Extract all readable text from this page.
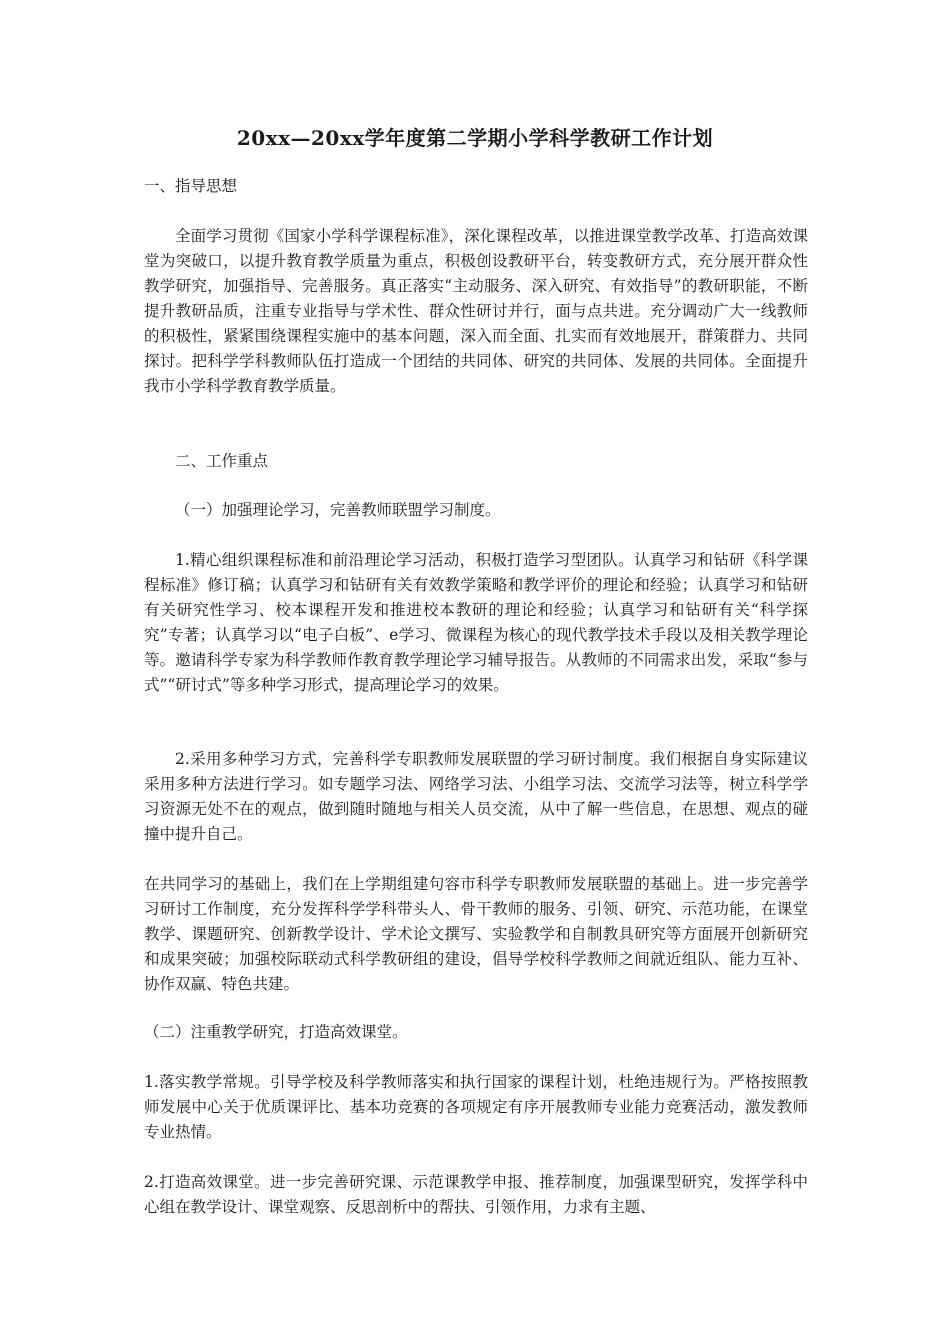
20xx—20xx学年度第二学期小学科学教研工作计划
一、指导思想
全面学习贯彻《国家小学科学课程标准》，深化课程改革，以推进课堂教学改革、打造高效课堂为突破口，以提升教育教学质量为重点，积极创设教研平台，转变教研方式，充分展开群众性教学研究，加强指导、完善服务。真正落实“主动服务、深入研究、有效指导”的教研职能，不断提升教研品质，注重专业指导与学术性、群众性研讨并行，面与点共进。充分调动广大一线教师的积极性，紧紧围绕课程实施中的基本问题，深入而全面、扎实而有效地展开，群策群力、共同探讨。把科学学科教师队伍打造成一个团结的共同体、研究的共同体、发展的共同体。全面提升我市小学科学教育教学质量。
二、工作重点
（一）加强理论学习，完善教师联盟学习制度。
1.精心组织课程标准和前沿理论学习活动，积极打造学习型团队。认真学习和钻研《科学课程标准》修订稿；认真学习和钻研有关有效教学策略和教学评价的理论和经验；认真学习和钻研有关研究性学习、校本课程开发和推进校本教研的理论和经验；认真学习和钻研有关“科学探究”专著；认真学习以“电子白板”、e学习、微课程为核心的现代教学技术手段以及相关教学理论等。邀请科学专家为科学教师作教育教学理论学习辅导报告。从教师的不同需求出发，采取“参与式”“研讨式”等多种学习形式，提高理论学习的效果。
2.采用多种学习方式，完善科学专职教师发展联盟的学习研讨制度。我们根据自身实际建议采用多种方法进行学习。如专题学习法、网络学习法、小组学习法、交流学习法等，树立科学学习资源无处不在的观点，做到随时随地与相关人员交流，从中了解一些信息，在思想、观点的碰撞中提升自己。
在共同学习的基础上，我们在上学期组建句容市科学专职教师发展联盟的基础上。进一步完善学习研讨工作制度，充分发挥科学学科带头人、骨干教师的服务、引领、研究、示范功能，在课堂教学、课题研究、创新教学设计、学术论文撰写、实验教学和自制教具研究等方面展开创新研究和成果突破；加强校际联动式科学教研组的建设，倡导学校科学教师之间就近组队、能力互补、协作双赢、特色共建。
（二）注重教学研究，打造高效课堂。
1.落实教学常规。引导学校及科学教师落实和执行国家的课程计划，杜绝违规行为。严格按照教师发展中心关于优质课评比、基本功竞赛的各项规定有序开展教师专业能力竞赛活动，激发教师专业热情。
2.打造高效课堂。进一步完善研究课、示范课教学申报、推荐制度，加强课型研究，发挥学科中心组在教学设计、课堂观察、反思剖析中的帮扶、引领作用，力求有主题、
